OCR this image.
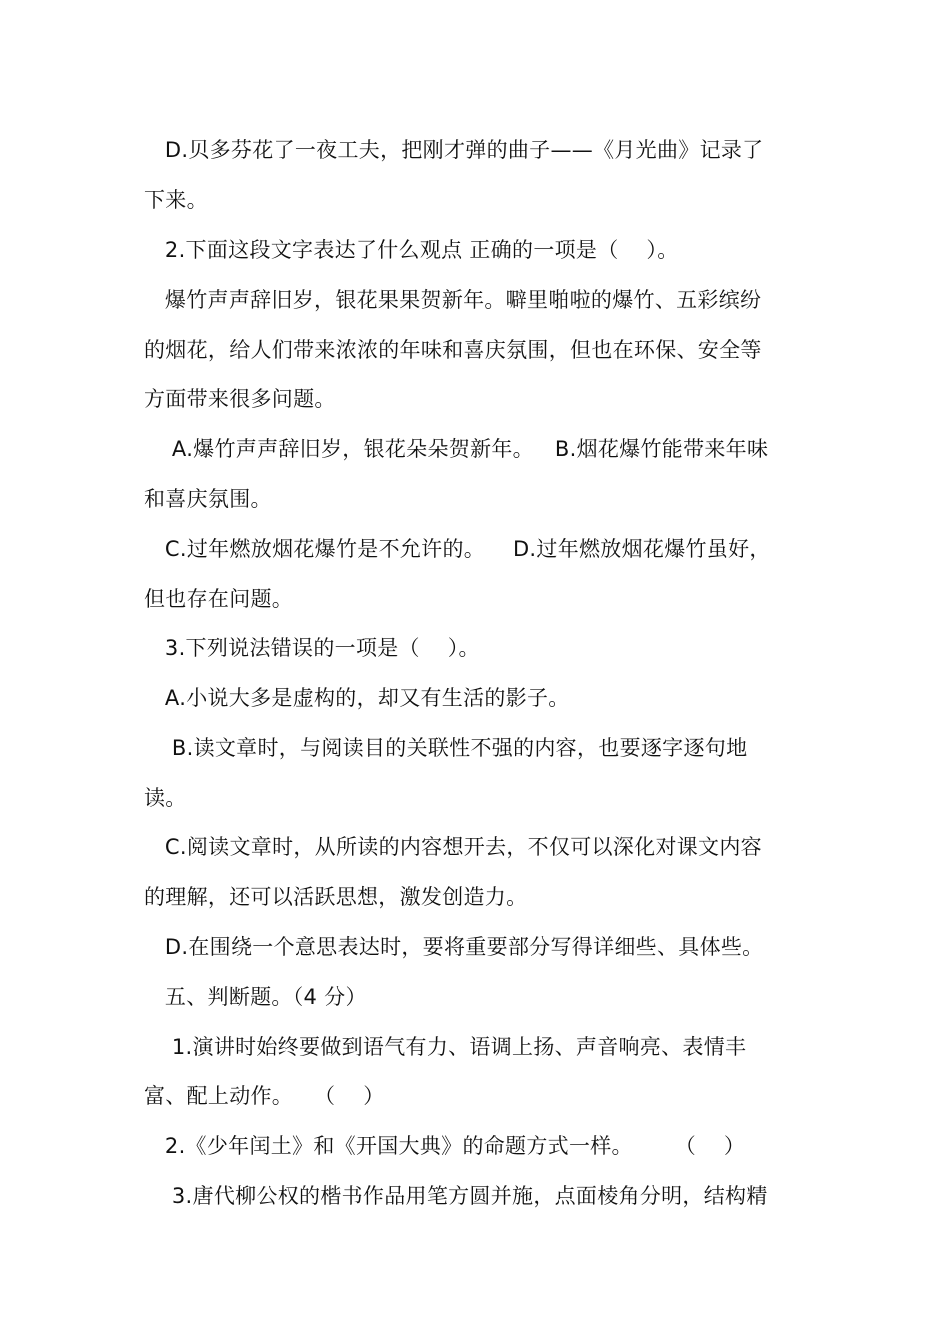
D.贝多芬花了一夜工夫，把刚才弹的曲子——《月光曲》记录了
下来。
2.下面这段文字表达了什么观点 正确的一项是（    ）。
爆竹声声辞旧岁，银花果果贺新年。噼里啪啦的爆竹、五彩缤纷
的烟花，给人们带来浓浓的年味和喜庆氛围，但也在环保、安全等
方面带来很多问题。
A.爆竹声声辞旧岁，银花朵朵贺新年。   B.烟花爆竹能带来年味
和喜庆氛围。
C.过年燃放烟花爆竹是不允许的。    D.过年燃放烟花爆竹虽好，
但也存在问题。
3.下列说法错误的一项是（    ）。
A.小说大多是虚构的，却又有生活的影子。
B.读文章时，与阅读目的关联性不强的内容，也要逐字逐句地
读。
C.阅读文章时，从所读的内容想开去，不仅可以深化对课文内容
的理解，还可以活跃思想，激发创造力。
D.在围绕一个意思表达时，要将重要部分写得详细些、具体些。
五、判断题。（4 分）
1.演讲时始终要做到语气有力、语调上扬、声音响亮、表情丰
富、配上动作。   （    ）
2.《少年闰土》和《开国大典》的命题方式一样。      （    ）
3.唐代柳公权的楷书作品用笔方圆并施，点面棱角分明，结构精
